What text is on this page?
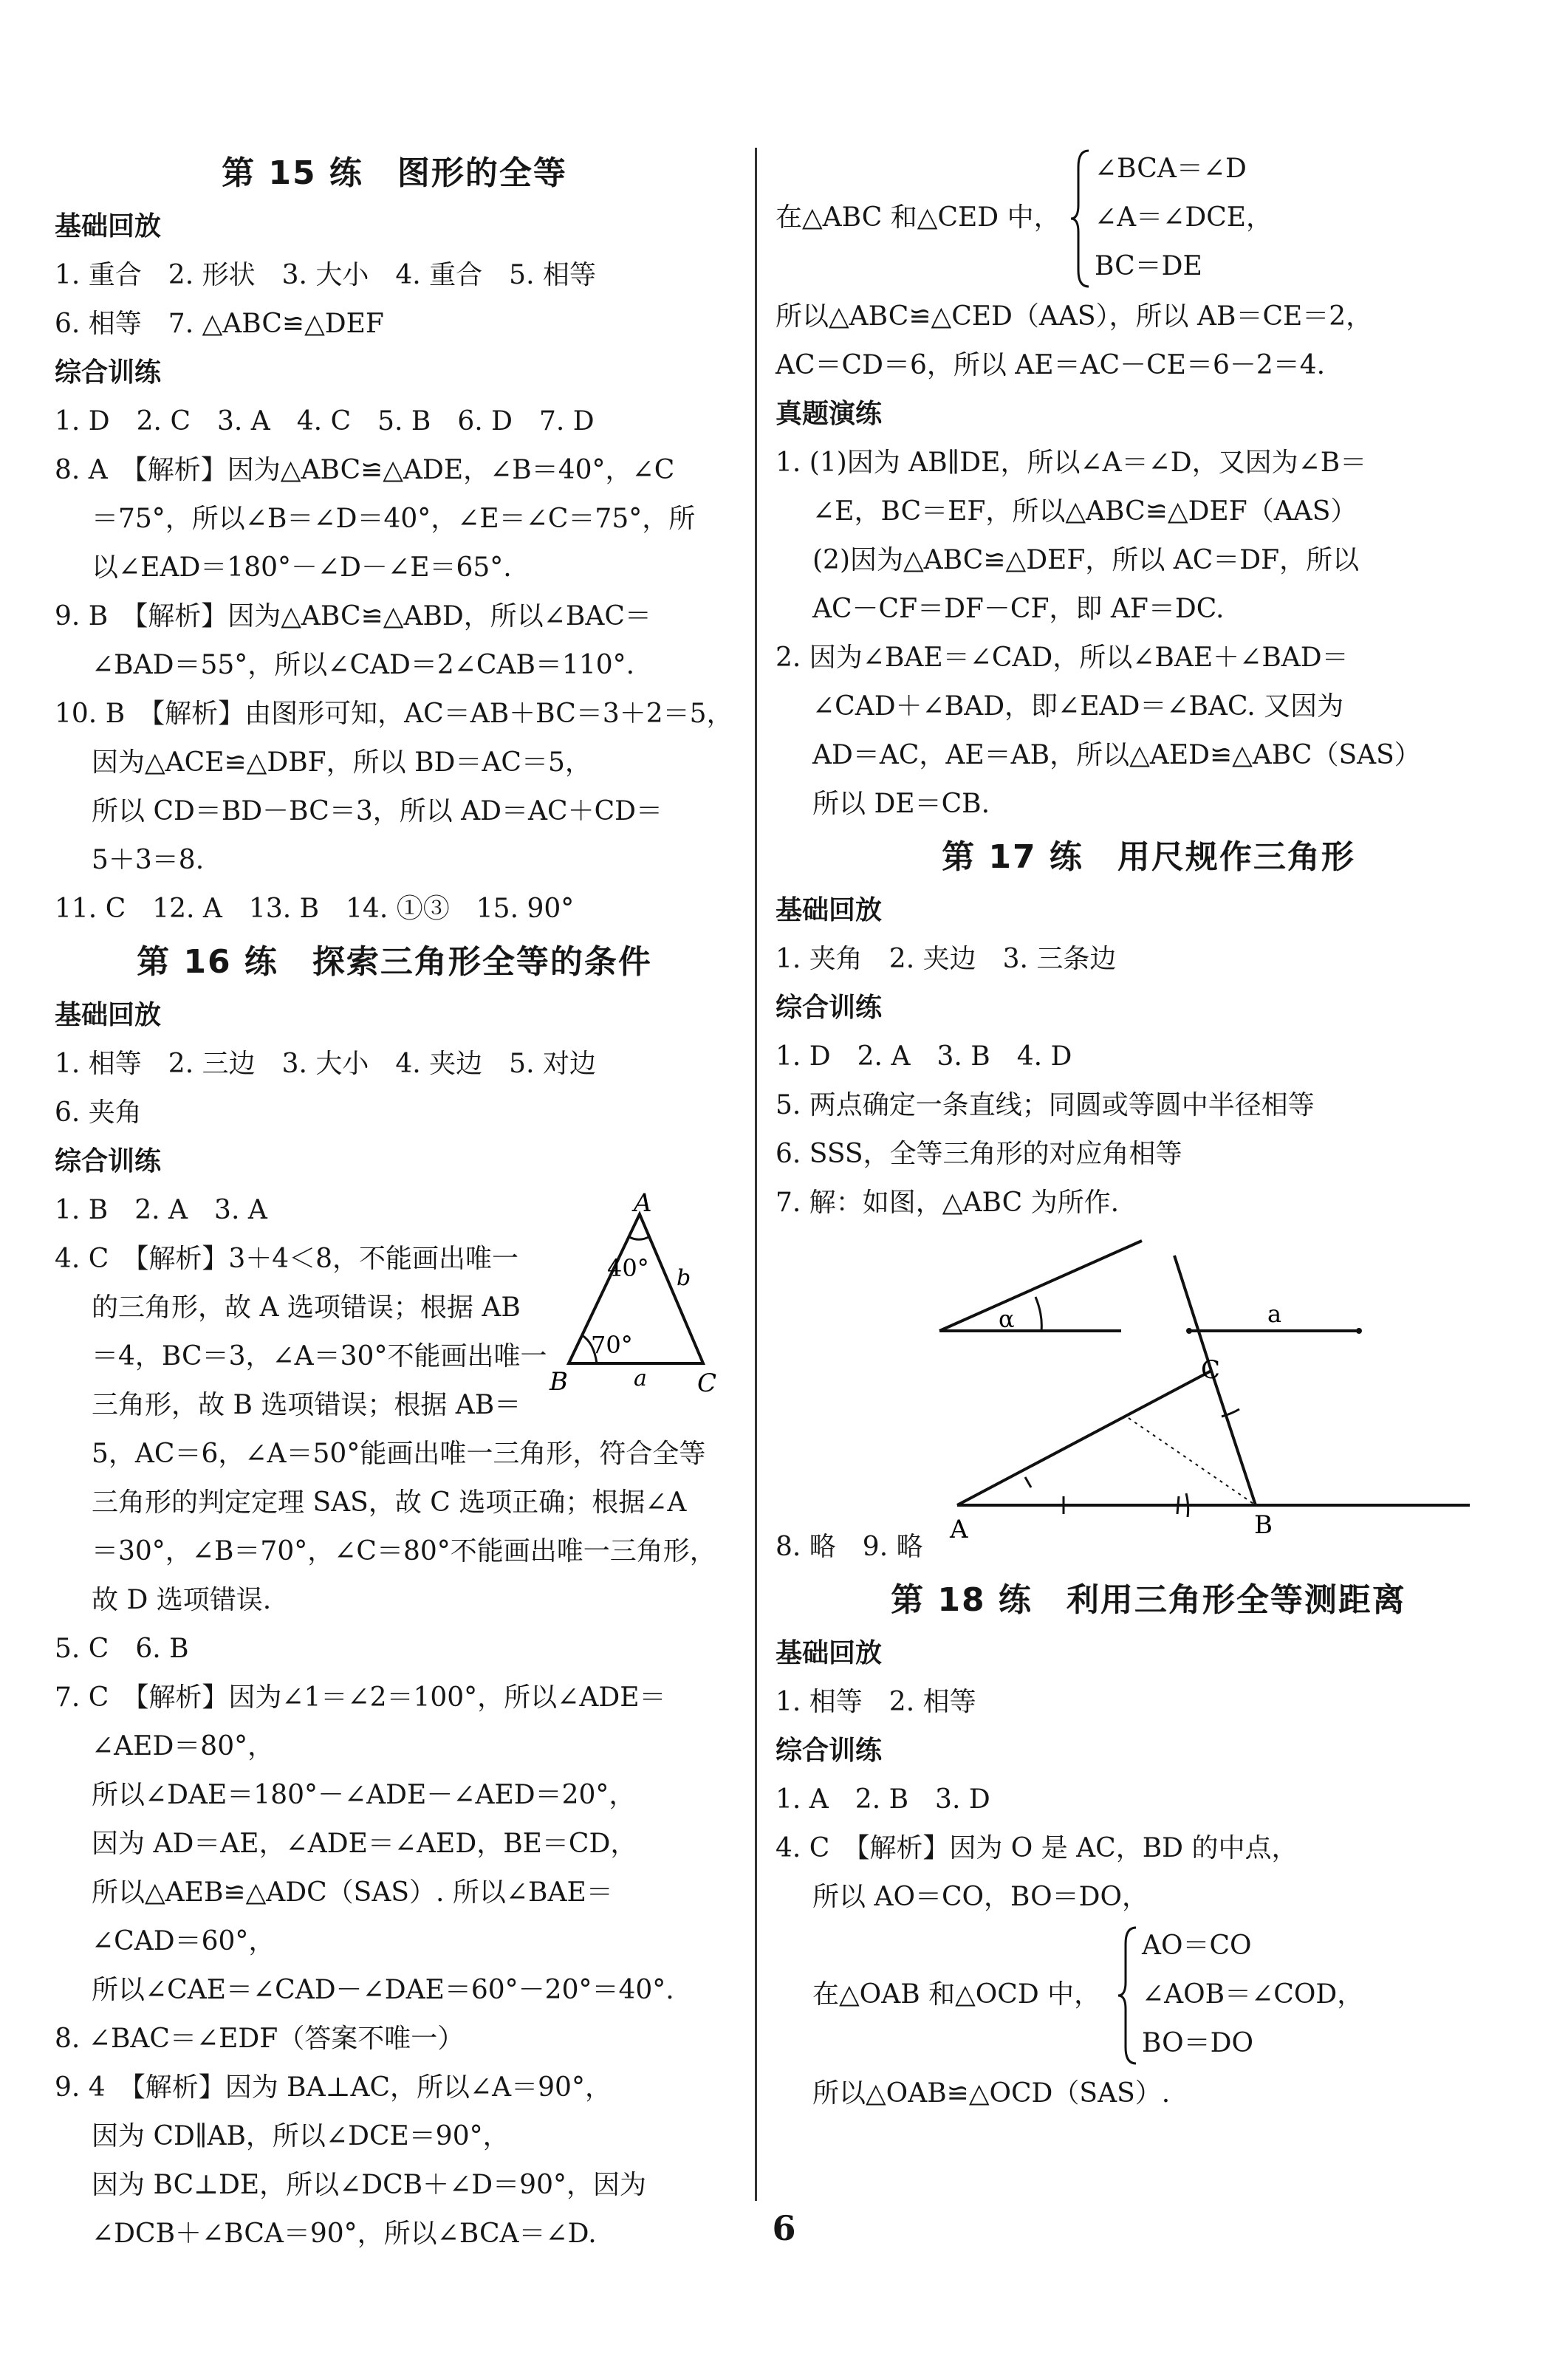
第 15 练　图形的全等
基础回放
1. 重合　2. 形状　3. 大小　4. 重合　5. 相等
6. 相等　7. △ABC≌△DEF
综合训练
1. D　2. C　3. A　4. C　5. B　6. D　7. D
8. A　【解析】因为△ABC≌△ADE，∠B＝40°，∠C
＝75°，所以∠B＝∠D＝40°，∠E＝∠C＝75°，所
以∠EAD＝180°－∠D－∠E＝65°.
9. B　【解析】因为△ABC≌△ABD，所以∠BAC＝
∠BAD＝55°，所以∠CAD＝2∠CAB＝110°.
10. B　【解析】由图形可知，AC＝AB＋BC＝3＋2＝5，
因为△ACE≌△DBF，所以 BD＝AC＝5，
所以 CD＝BD－BC＝3，所以 AD＝AC＋CD＝
5＋3＝8.
11. C　12. A　13. B　14. ①③　15. 90°
第 16 练　探索三角形全等的条件
基础回放
1. 相等　2. 三边　3. 大小　4. 夹边　5. 对边
6. 夹角
综合训练
1. B　2. A　3. A
4. C　【解析】3＋4＜8，不能画出唯一
的三角形，故 A 选项错误；根据 AB
＝4，BC＝3，∠A＝30°不能画出唯一
三角形，故 B 选项错误；根据 AB＝
5，AC＝6，∠A＝50°能画出唯一三角形，符合全等
三角形的判定定理 SAS，故 C 选项正确；根据∠A
＝30°，∠B＝70°，∠C＝80°不能画出唯一三角形，
故 D 选项错误.
5. C　6. B
7. C　【解析】因为∠1＝∠2＝100°，所以∠ADE＝
∠AED＝80°，
所以∠DAE＝180°－∠ADE－∠AED＝20°，
因为 AD＝AE，∠ADE＝∠AED，BE＝CD，
所以△AEB≌△ADC（SAS）. 所以∠BAE＝
∠CAD＝60°，
所以∠CAE＝∠CAD－∠DAE＝60°－20°＝40°.
8. ∠BAC＝∠EDF（答案不唯一）
9. 4　【解析】因为 BA⊥AC，所以∠A＝90°，
因为 CD∥AB，所以∠DCE＝90°，
因为 BC⊥DE，所以∠DCB＋∠D＝90°，因为
∠DCB＋∠BCA＝90°，所以∠BCA＝∠D.
A
B	C
a
b
40°
70°
在△ABC 和△CED 中，
∠BCA＝∠D
∠A＝∠DCE，
BC＝DE
所以△ABC≌△CED（AAS），所以 AB＝CE＝2，
AC＝CD＝6，所以 AE＝AC－CE＝6－2＝4.
真题演练
1. (1)因为 AB∥DE，所以∠A＝∠D，又因为∠B＝
∠E，BC＝EF，所以△ABC≌△DEF（AAS）
(2)因为△ABC≌△DEF，所以 AC＝DF，所以
AC－CF＝DF－CF，即 AF＝DC.
2. 因为∠BAE＝∠CAD，所以∠BAE＋∠BAD＝
∠CAD＋∠BAD，即∠EAD＝∠BAC. 又因为
AD＝AC，AE＝AB，所以△AED≌△ABC（SAS）
所以 DE＝CB.
第 17 练　用尺规作三角形
基础回放
1. 夹角　2. 夹边　3. 三条边
综合训练
1. D　2. A　3. B　4. D
5. 两点确定一条直线；同圆或等圆中半径相等
6. SSS，全等三角形的对应角相等
7. 解：如图，△ABC 为所作.
α	a
A	B
C
8. 略　9. 略
第 18 练　利用三角形全等测距离
基础回放
1. 相等　2. 相等
综合训练
1. A　2. B　3. D
4. C　【解析】因为 O 是 AC，BD 的中点，
所以 AO＝CO，BO＝DO，
在△OAB 和△OCD 中，
AO＝CO
∠AOB＝∠COD，
BO＝DO
所以△OAB≌△OCD（SAS）.
6
